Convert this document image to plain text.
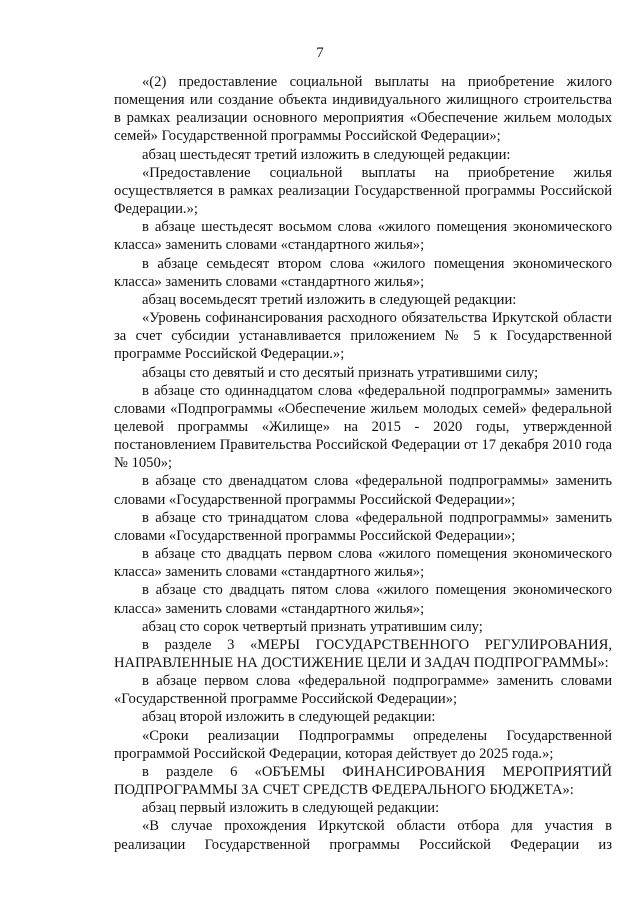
7

«(2) предоставление социальной выплаты на приобретение жилого помещения или создание объекта индивидуального жилищного строительства в рамках реализации основного мероприятия «Обеспечение жильем молодых семей» Государственной программы Российской Федерации»;

абзац шестьдесят третий изложить в следующей редакции:

«Предоставление социальной выплаты на приобретение жилья осуществляется в рамках реализации Государственной программы Российской Федерации.»;

в абзаце шестьдесят восьмом слова «жилого помещения экономического класса» заменить словами «стандартного жилья»;

в абзаце семьдесят втором слова «жилого помещения экономического класса» заменить словами «стандартного жилья»;

абзац восемьдесят третий изложить в следующей редакции:

«Уровень софинансирования расходного обязательства Иркутской области за счет субсидии устанавливается приложением № 5 к Государственной программе Российской Федерации.»;

абзацы сто девятый и сто десятый признать утратившими силу;

в абзаце сто одиннадцатом слова «федеральной подпрограммы» заменить словами «Подпрограммы «Обеспечение жильем молодых семей» федеральной целевой программы «Жилище» на 2015 - 2020 годы, утвержденной постановлением Правительства Российской Федерации от 17 декабря 2010 года № 1050»;

в абзаце сто двенадцатом слова «федеральной подпрограммы» заменить словами «Государственной программы Российской Федерации»;

в абзаце сто тринадцатом слова «федеральной подпрограммы» заменить словами «Государственной программы Российской Федерации»;

в абзаце сто двадцать первом слова «жилого помещения экономического класса» заменить словами «стандартного жилья»;

в абзаце сто двадцать пятом слова «жилого помещения экономического класса» заменить словами «стандартного жилья»;

абзац сто сорок четвертый признать утратившим силу;

в разделе 3 «МЕРЫ ГОСУДАРСТВЕННОГО РЕГУЛИРОВАНИЯ, НАПРАВЛЕННЫЕ НА ДОСТИЖЕНИЕ ЦЕЛИ И ЗАДАЧ ПОДПРОГРАММЫ»:

в абзаце первом слова «федеральной подпрограмме» заменить словами «Государственной программе Российской Федерации»;

абзац второй изложить в следующей редакции:

«Сроки реализации Подпрограммы определены Государственной программой Российской Федерации, которая действует до 2025 года.»;

в разделе 6 «ОБЪЕМЫ ФИНАНСИРОВАНИЯ МЕРОПРИЯТИЙ ПОДПРОГРАММЫ ЗА СЧЕТ СРЕДСТВ ФЕДЕРАЛЬНОГО БЮДЖЕТА»:

абзац первый изложить в следующей редакции:

«В случае прохождения Иркутской области отбора для участия в реализации Государственной программы Российской Федерации из
